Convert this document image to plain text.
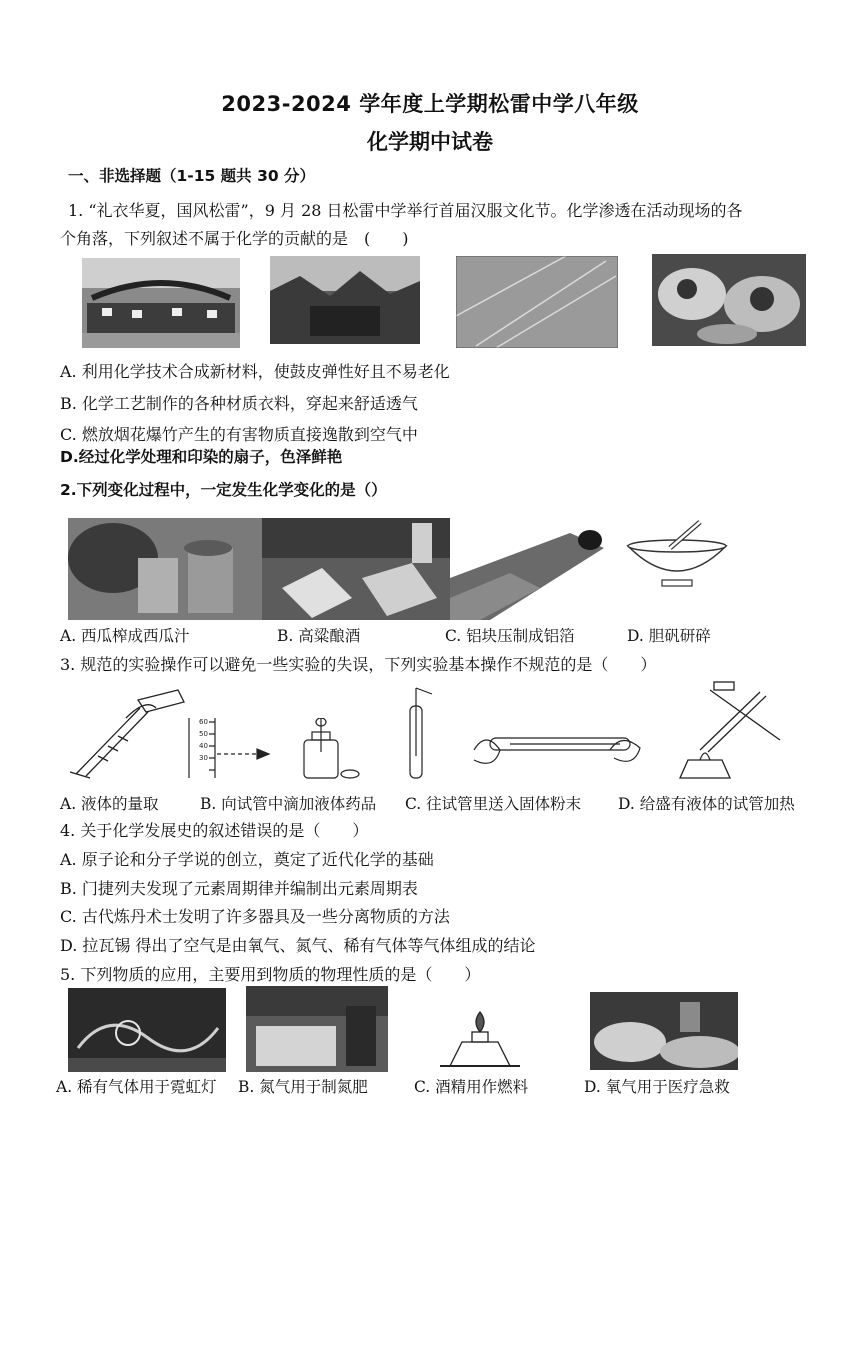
2023-2024 学年度上学期松雷中学八年级
化学期中试卷
一、非选择题（1-15 题共 30 分）
1. “礼衣华夏，国风松雷”，9 月 28 日松雷中学举行首届汉服文化节。化学渗透在活动现场的各
个角落，下列叙述不属于化学的贡献的是　(　　)
A. 利用化学技术合成新材料，使鼓皮弹性好且不易老化
B. 化学工艺制作的各种材质衣料，穿起来舒适透气
C. 燃放烟花爆竹产生的有害物质直接逸散到空气中
D.经过化学处理和印染的扇子，色泽鲜艳
2.下列变化过程中，一定发生化学变化的是（）
A. 西瓜榨成西瓜汁	B. 高粱酿酒	C. 铝块压制成铝箔	D. 胆矾研碎
3. 规范的实验操作可以避免一些实验的失误，下列实验基本操作不规范的是（　　）
60
50
40
30
A. 液体的量取	B. 向试管中滴加液体药品 C. 往试管里送入固体粉末 D. 给盛有液体的试管加热
4. 关于化学发展史的叙述错误的是（　　）
A. 原子论和分子学说的创立，奠定了近代化学的基础
B. 门捷列夫发现了元素周期律并编制出元素周期表
C. 古代炼丹术士发明了许多器具及一些分离物质的方法
D. 拉瓦锡 得出了空气是由氧气、氮气、稀有气体等气体组成的结论
5. 下列物质的应用，主要用到物质的物理性质的是（　　）
A. 稀有气体用于霓虹灯 B. 氮气用于制氮肥	C. 酒精用作燃料	D. 氧气用于医疗急救
